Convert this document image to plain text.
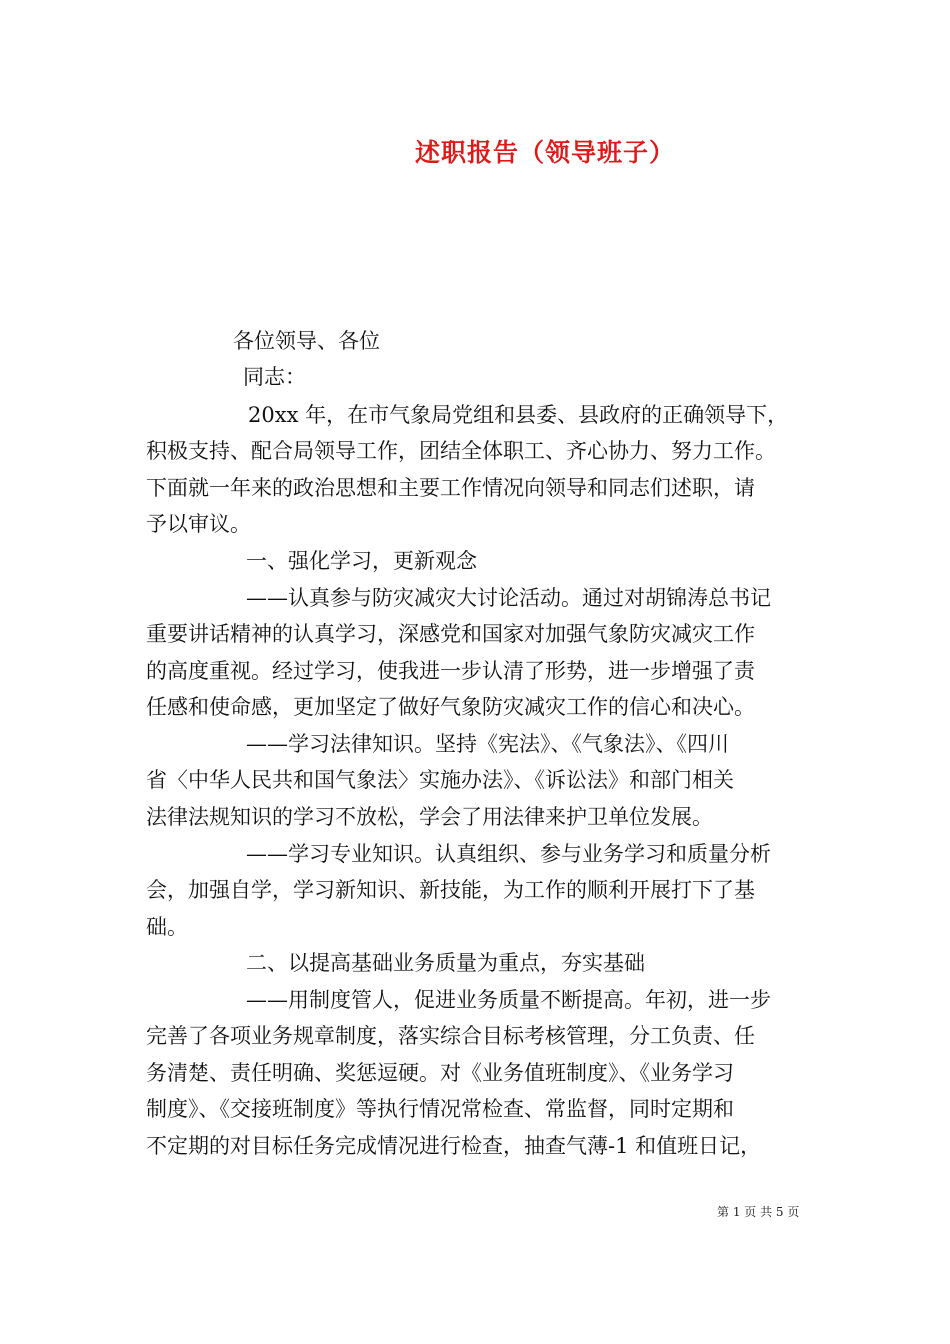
述职报告（领导班子）
各位领导、各位
同志：
20xx 年，在市气象局党组和县委、县政府的正确领导下，
积极支持、配合局领导工作，团结全体职工、齐心协力、努力工作。
下面就一年来的政治思想和主要工作情况向领导和同志们述职，请
予以审议。
一、强化学习，更新观念
——认真参与防灾减灾大讨论活动。通过对胡锦涛总书记
重要讲话精神的认真学习，深感党和国家对加强气象防灾减灾工作
的高度重视。经过学习，使我进一步认清了形势，进一步增强了责
任感和使命感，更加坚定了做好气象防灾减灾工作的信心和决心。
——学习法律知识。坚持《宪法》、《气象法》、《四川
省〈中华人民共和国气象法〉实施办法》、《诉讼法》和部门相关
法律法规知识的学习不放松，学会了用法律来护卫单位发展。
——学习专业知识。认真组织、参与业务学习和质量分析
会，加强自学，学习新知识、新技能，为工作的顺利开展打下了基
础。
二、以提高基础业务质量为重点，夯实基础
——用制度管人，促进业务质量不断提高。年初，进一步
完善了各项业务规章制度，落实综合目标考核管理，分工负责、任
务清楚、责任明确、奖惩逗硬。对《业务值班制度》、《业务学习
制度》、《交接班制度》等执行情况常检查、常监督，同时定期和
不定期的对目标任务完成情况进行检查，抽查气薄-1 和值班日记，
第 1 页 共 5 页
